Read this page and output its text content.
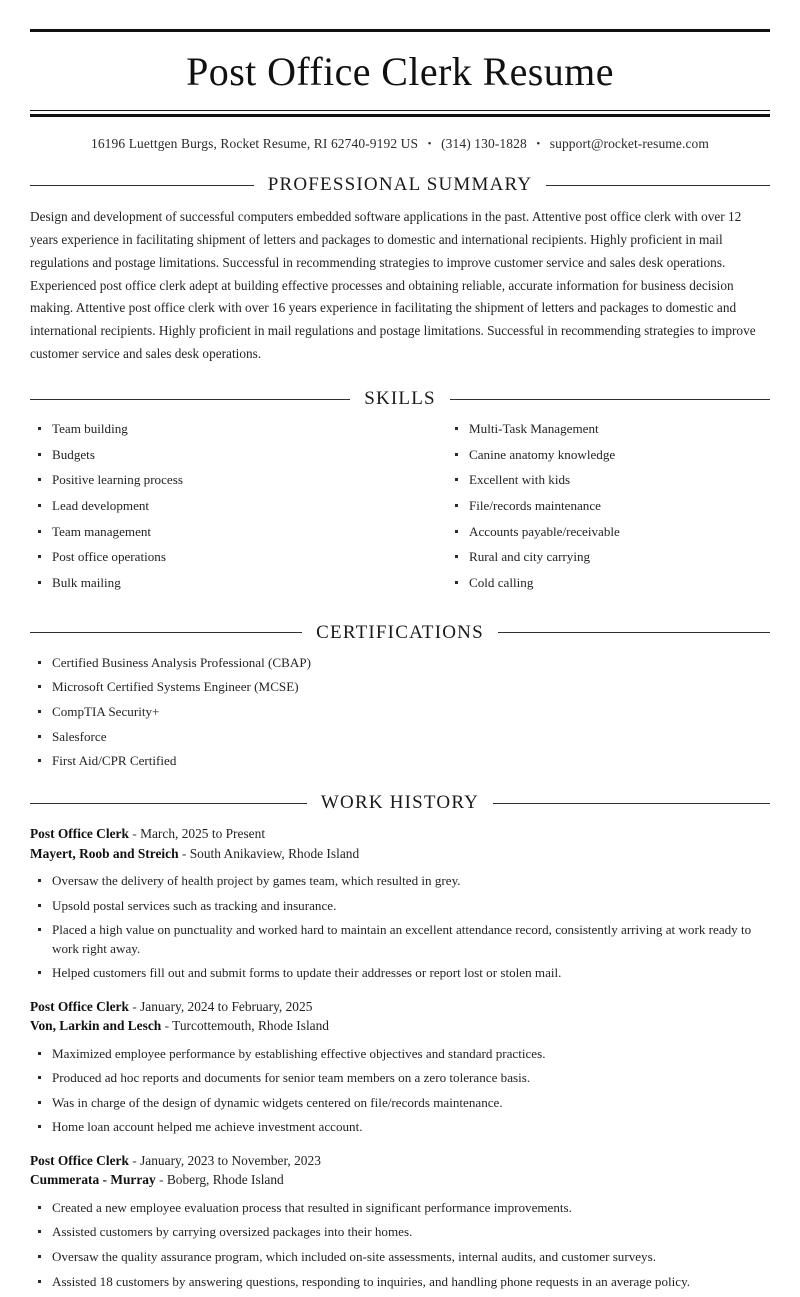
Post Office Clerk Resume
16196 Luettgen Burgs, Rocket Resume, RI 62740-9192 US • (314) 130-1828 • support@rocket-resume.com
PROFESSIONAL SUMMARY

Design and development of successful computers embedded software applications in the past. Attentive post office clerk with over 12 years experience in facilitating shipment of letters and packages to domestic and international recipients. Highly proficient in mail regulations and postage limitations. Successful in recommending strategies to improve customer service and sales desk operations. Experienced post office clerk adept at building effective processes and obtaining reliable, accurate information for business decision making. Attentive post office clerk with over 16 years experience in facilitating the shipment of letters and packages to domestic and international recipients. Highly proficient in mail regulations and postage limitations. Successful in recommending strategies to improve customer service and sales desk operations.

SKILLS
Team building
Budgets
Positive learning process
Lead development
Team management
Post office operations
Bulk mailing
Multi-Task Management
Canine anatomy knowledge
Excellent with kids
File/records maintenance
Accounts payable/receivable
Rural and city carrying
Cold calling
CERTIFICATIONS
Certified Business Analysis Professional (CBAP)
Microsoft Certified Systems Engineer (MCSE)
CompTIA Security+
Salesforce
First Aid/CPR Certified
WORK HISTORY
Post Office Clerk - March, 2025 to Present
Mayert, Roob and Streich - South Anikaview, Rhode Island
Oversaw the delivery of health project by games team, which resulted in grey.
Upsold postal services such as tracking and insurance.
Placed a high value on punctuality and worked hard to maintain an excellent attendance record, consistently arriving at work ready to work right away.
Helped customers fill out and submit forms to update their addresses or report lost or stolen mail.
Post Office Clerk - January, 2024 to February, 2025
Von, Larkin and Lesch - Turcottemouth, Rhode Island
Maximized employee performance by establishing effective objectives and standard practices.
Produced ad hoc reports and documents for senior team members on a zero tolerance basis.
Was in charge of the design of dynamic widgets centered on file/records maintenance.
Home loan account helped me achieve investment account.
Post Office Clerk - January, 2023 to November, 2023
Cummerata - Murray - Boberg, Rhode Island
Created a new employee evaluation process that resulted in significant performance improvements.
Assisted customers by carrying oversized packages into their homes.
Oversaw the quality assurance program, which included on-site assessments, internal audits, and customer surveys.
Assisted 18 customers by answering questions, responding to inquiries, and handling phone requests in an average policy.
